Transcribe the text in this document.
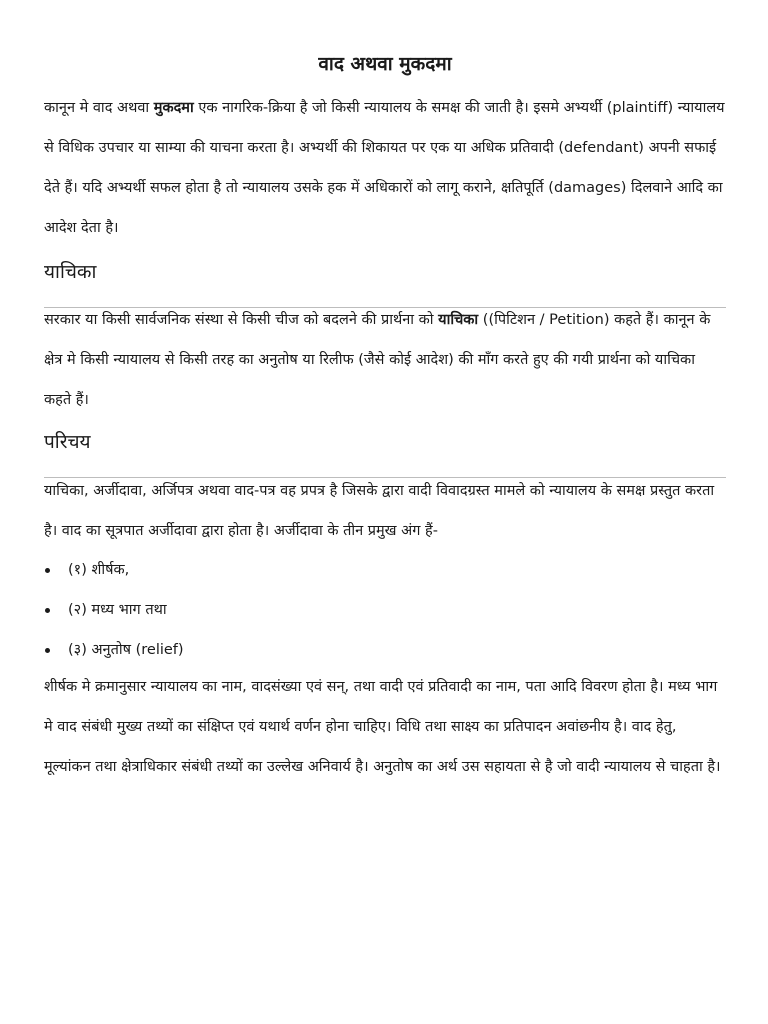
वाद अथवा मुकदमा

कानून मे वाद अथवा मुकदमा एक नागरिक-क्रिया है जो किसी न्यायालय के समक्ष की जाती है। इसमे अभ्यर्थी (plaintiff) न्यायालय से विधिक उपचार या साम्या की याचना करता है। अभ्यर्थी की शिकायत पर एक या अधिक प्रतिवादी (defendant) अपनी सफाई देते हैं। यदि अभ्यर्थी सफल होता है तो न्यायालय उसके हक में अधिकारों को लागू कराने, क्षतिपूर्ति (damages) दिलवाने आदि का आदेश देता है।

याचिका

सरकार या किसी सार्वजनिक संस्था से किसी चीज को बदलने की प्रार्थना को याचिका ((पिटिशन / Petition) कहते हैं। कानून के क्षेत्र मे किसी न्यायालय से किसी तरह का अनुतोष या रिलीफ (जैसे कोई आदेश) की माँग करते हुए की गयी प्रार्थना को याचिका कहते हैं।

परिचय

याचिका, अर्जीदावा, अर्जिपत्र अथवा वाद-पत्र वह प्रपत्र है जिसके द्वारा वादी विवादग्रस्त मामले को न्यायालय के समक्ष प्रस्तुत करता है। वाद का सूत्रपात अर्जीदावा द्वारा होता है। अर्जीदावा के तीन प्रमुख अंग हैं-

(१) शीर्षक,
(२) मध्य भाग तथा
(३) अनुतोष (relief)

शीर्षक मे क्रमानुसार न्यायालय का नाम, वादसंख्या एवं सन्, तथा वादी एवं प्रतिवादी का नाम, पता आदि विवरण होता है। मध्य भाग मे वाद संबंधी मुख्य तथ्यों का संक्षिप्त एवं यथार्थ वर्णन होना चाहिए। विधि तथा साक्ष्य का प्रतिपादन अवांछनीय है। वाद हेतु, मूल्यांकन तथा क्षेत्राधिकार संबंधी तथ्यों का उल्लेख अनिवार्य है। अनुतोष का अर्थ उस सहायता से है जो वादी न्यायालय से चाहता है।
